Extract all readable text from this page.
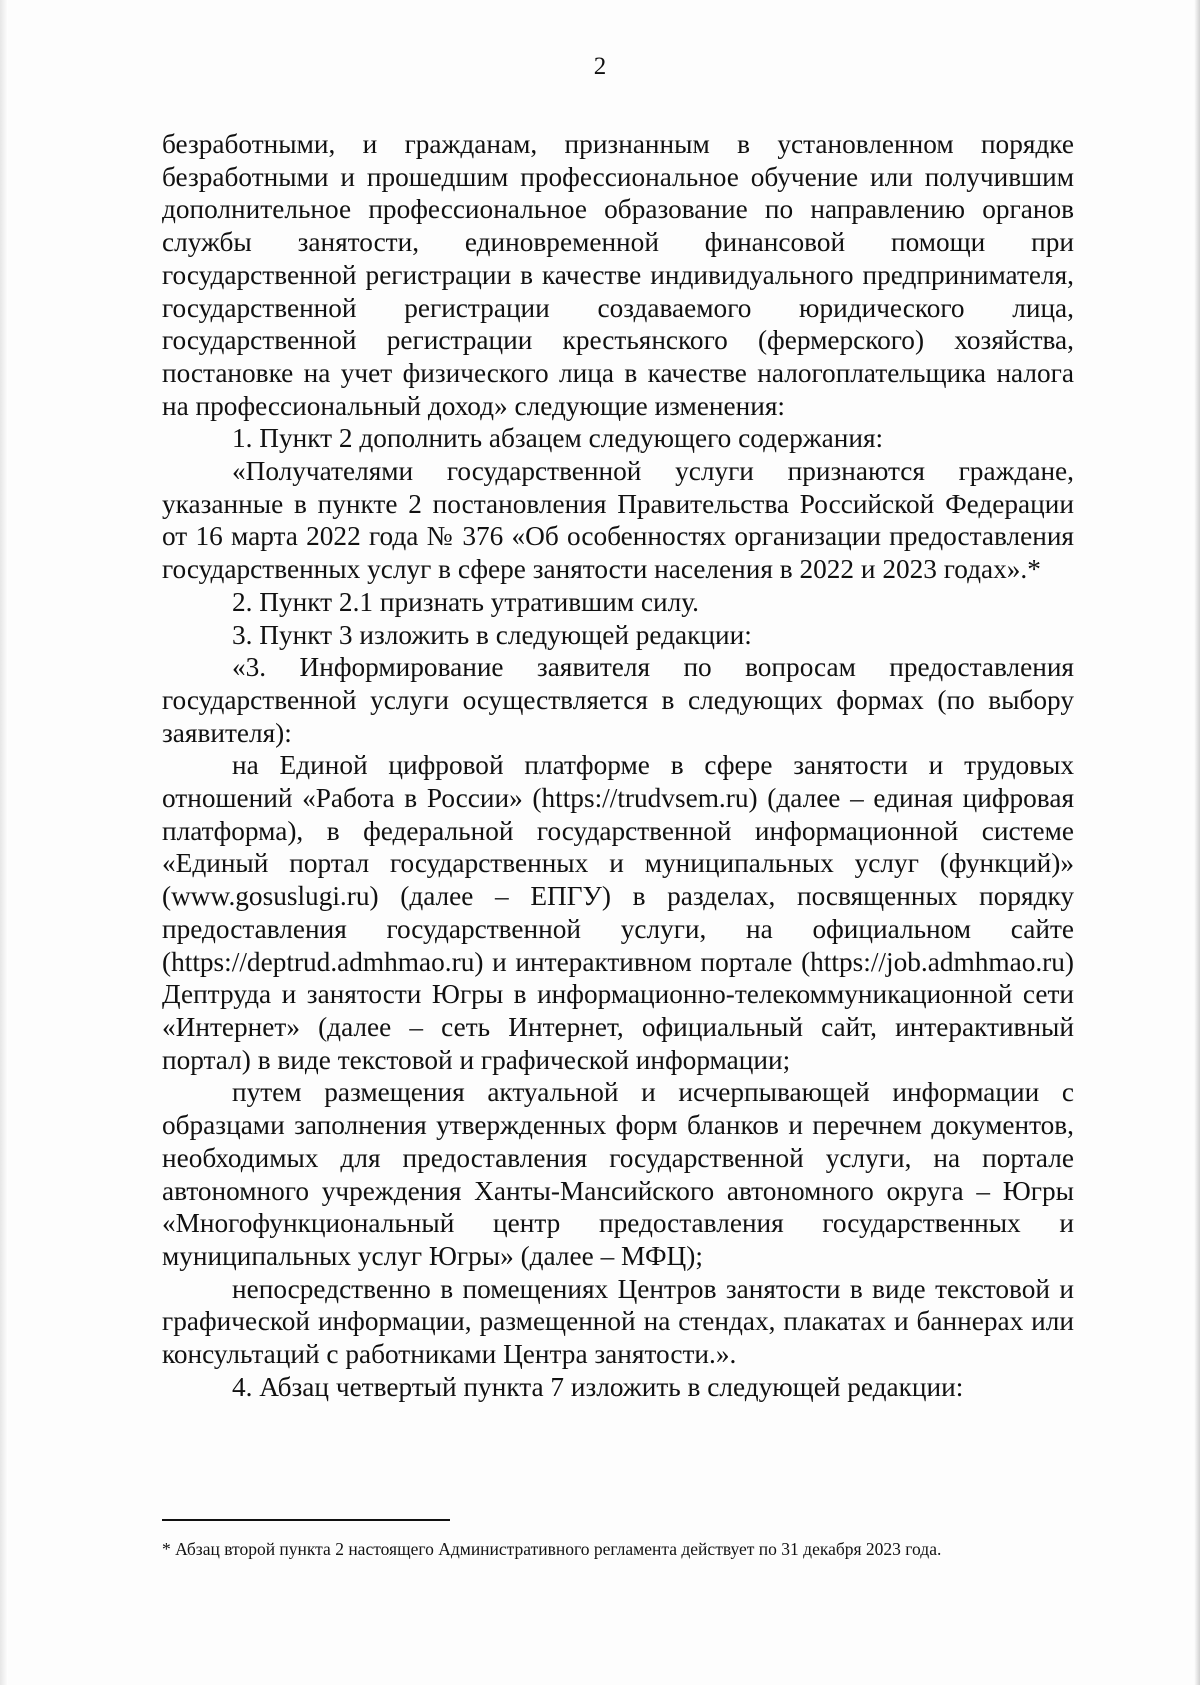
2

безработными, и гражданам, признанным в установленном порядке безработными и прошедшим профессиональное обучение или получившим дополнительное профессиональное образование по направлению органов службы занятости, единовременной финансовой помощи при государственной регистрации в качестве индивидуального предпринимателя, государственной регистрации создаваемого юридического лица, государственной регистрации крестьянского (фермерского) хозяйства, постановке на учет физического лица в качестве налогоплательщика налога на профессиональный доход» следующие изменения:

1. Пункт 2 дополнить абзацем следующего содержания:

«Получателями государственной услуги признаются граждане, указанные в пункте 2 постановления Правительства Российской Федерации от 16 марта 2022 года № 376 «Об особенностях организации предоставления государственных услуг в сфере занятости населения в 2022 и 2023 годах».*

2. Пункт 2.1 признать утратившим силу.

3. Пункт 3 изложить в следующей редакции:

«3. Информирование заявителя по вопросам предоставления государственной услуги осуществляется в следующих формах (по выбору заявителя):

на Единой цифровой платформе в сфере занятости и трудовых отношений «Работа в России» (https://trudvsem.ru) (далее – единая цифровая платформа), в федеральной государственной информационной системе «Единый портал государственных и муниципальных услуг (функций)» (www.gosuslugi.ru) (далее – ЕПГУ) в разделах, посвященных порядку предоставления государственной услуги, на официальном сайте (https://deptrud.admhmao.ru) и интерактивном портале (https://job.admhmao.ru) Дептруда и занятости Югры в информационно-телекоммуникационной сети «Интернет» (далее – сеть Интернет, официальный сайт, интерактивный портал) в виде текстовой и графической информации;

путем размещения актуальной и исчерпывающей информации с образцами заполнения утвержденных форм бланков и перечнем документов, необходимых для предоставления государственной услуги, на портале автономного учреждения Ханты-Мансийского автономного округа – Югры «Многофункциональный центр предоставления государственных и муниципальных услуг Югры» (далее – МФЦ);

непосредственно в помещениях Центров занятости в виде текстовой и графической информации, размещенной на стендах, плакатах и баннерах или консультаций с работниками Центра занятости.».

4. Абзац четвертый пункта 7 изложить в следующей редакции:

* Абзац второй пункта 2 настоящего Административного регламента действует по 31 декабря 2023 года.
